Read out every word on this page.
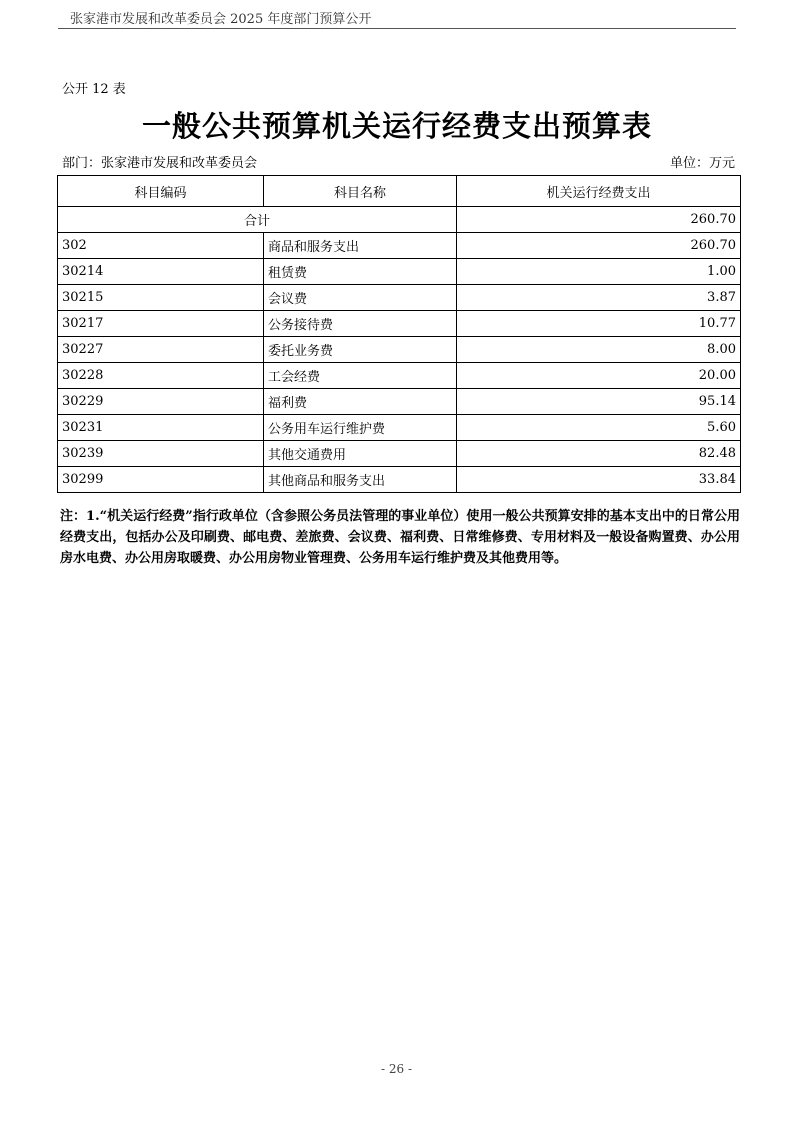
张家港市发展和改革委员会 2025 年度部门预算公开
公开 12 表
一般公共预算机关运行经费支出预算表
部门：张家港市发展和改革委员会	单位：万元
科目编码	科目名称	机关运行经费支出
合计		260.70
302	商品和服务支出	260.70
30214	租赁费	1.00
30215	会议费	3.87
30217	公务接待费	10.77
30227	委托业务费	8.00
30228	工会经费	20.00
30229	福利费	95.14
30231	公务用车运行维护费	5.60
30239	其他交通费用	82.48
30299	其他商品和服务支出	33.84
注：1.“机关运行经费”指行政单位（含参照公务员法管理的事业单位）使用一般公共预算安排的基本支出中的日常公用经费支出，包括办公及印刷费、邮电费、差旅费、会议费、福利费、日常维修费、专用材料及一般设备购置费、办公用房水电费、办公用房取暖费、办公用房物业管理费、公务用车运行维护费及其他费用等。
- 26 -
